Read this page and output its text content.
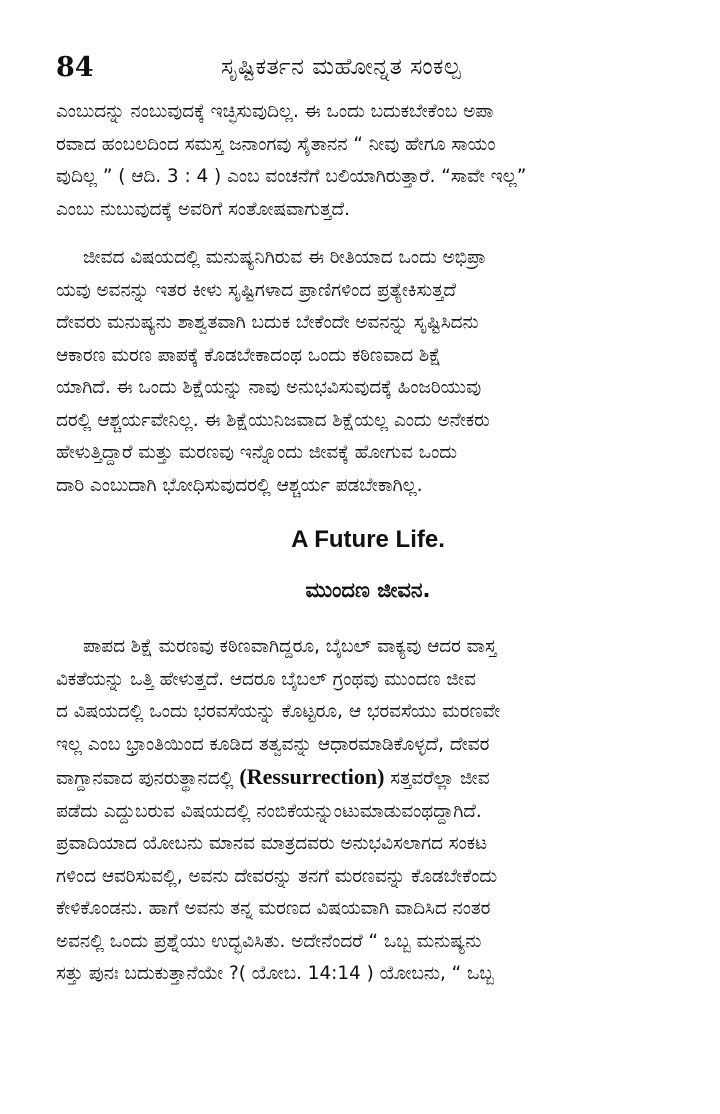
84	ಸೃಷ್ಟಿಕರ್ತನ ಮಹೋನ್ನತ ಸಂಕಲ್ಪ

ಎಂಬುದನ್ನು ನಂಬುವುದಕ್ಕೆ ಇಚ್ಛಿಸುವುದಿಲ್ಲ. ಈ ಒಂದು ಬದುಕಬೇಕೆಂಬ ಅಪಾ
ರವಾದ ಹಂಬಲದಿಂದ ಸಮಸ್ತ ಜನಾಂಗವು ಸೈತಾನನ “ ನೀವು ಹೇಗೂ ಸಾಯಂ
ವುದಿಲ್ಲ ” ( ಆದಿ. 3 : 4 ) ಎಂಬ ವಂಚನೆಗೆ ಬಲಿಯಾಗಿರುತ್ತಾರೆ. “ಸಾವೇ ಇಲ್ಲ”
ಎಂಬು ನುಬುವುದಕ್ಕೆ ಅವರಿಗೆ ಸಂತೋಷವಾಗುತ್ತದೆ.

ಜೀವದ ವಿಷಯದಲ್ಲಿ ಮನುಷ್ಯನಿಗಿರುವ ಈ ರೀತಿಯಾದ ಒಂದು ಅಭಿಪ್ರಾ
ಯವು ಅವನನ್ನು ಇತರ ಕೀಳು ಸೃಷ್ಟಿಗಳಾದ ಪ್ರಾಣಿಗಳಿಂದ ಪ್ರತ್ಯೇಕಿಸುತ್ತದೆ
ದೇವರು ಮನುಷ್ಯನು ಶಾಶ್ವತವಾಗಿ ಬದುಕ ಬೇಕೆಂದೇ ಅವನನ್ನು ಸೃಷ್ಟಿಸಿದನು
ಆಕಾರಣ ಮರಣ ಪಾಪಕ್ಕೆ ಕೊಡಬೇಕಾದಂಥ ಒಂದು ಕಠಿಣವಾದ ಶಿಕ್ಷೆ
ಯಾಗಿದೆ. ಈ ಒಂದು ಶಿಕ್ಷೆಯನ್ನು ನಾವು ಅನುಭವಿಸುವುದಕ್ಕೆ ಹಿಂಜರಿಯುವು
ದರಲ್ಲಿ ಆಶ್ಚರ್ಯವೇನಿಲ್ಲ. ಈ ಶಿಕ್ಷೆಯುನಿಜವಾದ ಶಿಕ್ಷೆಯಲ್ಲ ಎಂದು ಅನೇಕರು
ಹೇಳುತ್ತಿದ್ದಾರೆ ಮತ್ತು ಮರಣವು ಇನ್ನೊಂದು ಜೀವಕ್ಕೆ ಹೋಗುವ ಒಂದು
ದಾರಿ ಎಂಬುದಾಗಿ ಭೋಧಿಸುವುದರಲ್ಲಿ ಆಶ್ಚರ್ಯ ಪಡಬೇಕಾಗಿಲ್ಲ.

A Future Life.
ಮುಂದಣ ಜೀವನ.

ಪಾಪದ ಶಿಕ್ಷೆ ಮರಣವು ಕಠಿಣವಾಗಿದ್ದರೂ, ಬೈಬಲ್ ವಾಕ್ಯವು ಆದರ ವಾಸ್ತ
ವಿಕತೆಯನ್ನು ಒತ್ತಿ ಹೇಳುತ್ತದೆ. ಆದರೂ ಬೈಬಲ್ ಗ್ರಂಥವು ಮುಂದಣ ಜೀವ
ದ ವಿಷಯದಲ್ಲಿ ಒಂದು ಭರವಸೆಯನ್ನು ಕೊಟ್ಟರೂ, ಆ ಭರವಸೆಯು ಮರಣವೇ
ಇಲ್ಲ ಎಂಬ ಭ್ರಾಂತಿಯಿಂದ ಕೂಡಿದ ತತ್ವವನ್ನು ಆಧಾರಮಾಡಿಕೊಳ್ಳದೆ, ದೇವರ
ವಾಗ್ದಾನವಾದ ಪುನರುತ್ಥಾನದಲ್ಲಿ (Ressurrection) ಸತ್ತವರೆಲ್ಲಾ ಜೀವ
ಪಡೆದು ಎದ್ದುಬರುವ ವಿಷಯದಲ್ಲಿ ನಂಬಿಕೆಯನ್ನುಂಟುಮಾಡುವಂಥದ್ದಾಗಿದೆ.
ಪ್ರವಾದಿಯಾದ ಯೋಬನು ಮಾನವ ಮಾತ್ರದವರು ಅನುಭವಿಸಲಾಗದ ಸಂಕಟ
ಗಳಿಂದ ಆವರಿಸುವಲ್ಲಿ, ಅವನು ದೇವರನ್ನು ತನಗೆ ಮರಣವನ್ನು ಕೊಡಬೇಕೆಂದು
ಕೇಳಿಕೊಂಡನು. ಹಾಗೆ ಅವನು ತನ್ನ ಮರಣದ ವಿಷಯವಾಗಿ ವಾದಿಸಿದ ನಂತರ
ಅವನಲ್ಲಿ ಒಂದು ಪ್ರಶ್ನೆಯು ಉದ್ಭವಿಸಿತು. ಅದೇನೆಂದರೆ “ ಒಬ್ಬ ಮನುಷ್ಯನು
ಸತ್ತು ಪುನಃ ಬದುಕುತ್ತಾನೆಯೇ ?( ಯೋಬ. 14:14 ) ಯೋಬನು, “ ಒಬ್ಬ
